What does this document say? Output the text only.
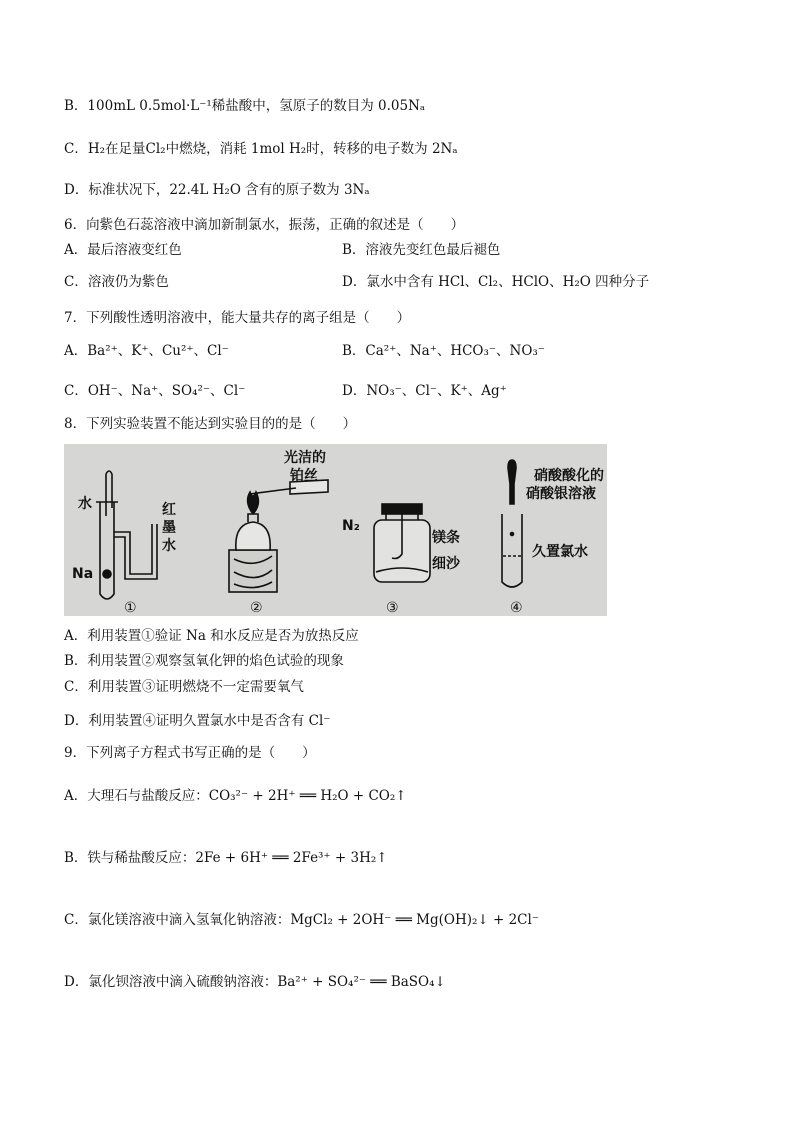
B．100mL 0.5mol·L⁻¹稀盐酸中，氢原子的数目为 0.05Nₐ
C．H₂在足量Cl₂中燃烧，消耗 1mol H₂时，转移的电子数为 2Nₐ
D．标准状况下，22.4L H₂O 含有的原子数为 3Nₐ
6．向紫色石蕊溶液中滴加新制氯水，振荡，正确的叙述是（　　）
A．最后溶液变红色	B．溶液先变红色最后褪色
C．溶液仍为紫色	D．氯水中含有 HCl、Cl₂、HClO、H₂O 四种分子
7．下列酸性透明溶液中，能大量共存的离子组是（　　）
A．Ba²⁺、K⁺、Cu²⁺、Cl⁻	B．Ca²⁺、Na⁺、HCO₃⁻、NO₃⁻
C．OH⁻、Na⁺、SO₄²⁻、Cl⁻	D．NO₃⁻、Cl⁻、K⁺、Ag⁺
8．下列实验装置不能达到实验目的的是（　　）
水
Na
红
墨
水
①
光洁的
铂丝
②
N₂
镁条
细沙
③
硝酸酸化的
硝酸银溶液
久置氯水
④
A．利用装置①验证 Na 和水反应是否为放热反应
B．利用装置②观察氢氧化钾的焰色试验的现象
C．利用装置③证明燃烧不一定需要氧气
D．利用装置④证明久置氯水中是否含有 Cl⁻
9．下列离子方程式书写正确的是（　　）
A．大理石与盐酸反应：CO₃²⁻ + 2H⁺ ══ H₂O + CO₂↑
B．铁与稀盐酸反应：2Fe + 6H⁺ ══ 2Fe³⁺ + 3H₂↑
C．氯化镁溶液中滴入氢氧化钠溶液：MgCl₂ + 2OH⁻ ══ Mg(OH)₂↓ + 2Cl⁻
D．氯化钡溶液中滴入硫酸钠溶液：Ba²⁺ + SO₄²⁻ ══ BaSO₄↓
